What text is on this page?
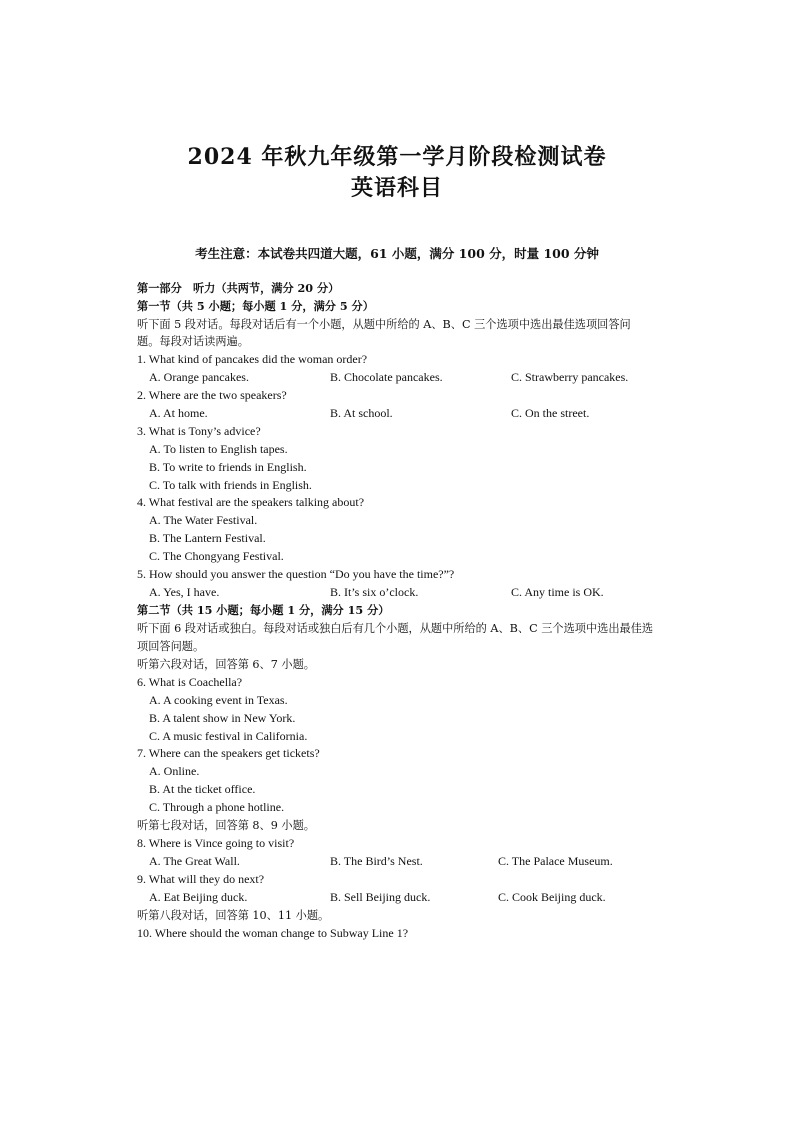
2024 年秋九年级第一学月阶段检测试卷
英语科目
考生注意：本试卷共四道大题，61 小题，满分 100 分，时量 100 分钟
第一部分　听力（共两节，满分 20 分）
第一节（共 5 小题；每小题 1 分，满分 5 分）
听下面 5 段对话。每段对话后有一个小题，从题中所给的 A、B、C 三个选项中选出最佳选项回答问
题。每段对话读两遍。
1. What kind of pancakes did the woman order?
A. Orange pancakes.	B. Chocolate pancakes.	C. Strawberry pancakes.
2. Where are the two speakers?
A. At home.	B. At school.	C. On the street.
3. What is Tony’s advice?
A. To listen to English tapes.
B. To write to friends in English.
C. To talk with friends in English.
4. What festival are the speakers talking about?
A. The Water Festival.
B. The Lantern Festival.
C. The Chongyang Festival.
5. How should you answer the question “Do you have the time?”?
A. Yes, I have.	B. It’s six o’clock.	C. Any time is OK.
第二节（共 15 小题；每小题 1 分，满分 15 分）
听下面 6 段对话或独白。每段对话或独白后有几个小题，从题中所给的 A、B、C 三个选项中选出最佳选
项回答问题。
听第六段对话，回答第 6、7 小题。
6. What is Coachella?
A. A cooking event in Texas.
B. A talent show in New York.
C. A music festival in California.
7. Where can the speakers get tickets?
A. Online.
B. At the ticket office.
C. Through a phone hotline.
听第七段对话，回答第 8、9 小题。
8. Where is Vince going to visit?
A. The Great Wall.	B. The Bird’s Nest.	C. The Palace Museum.
9. What will they do next?
A. Eat Beijing duck.	B. Sell Beijing duck.	C. Cook Beijing duck.
听第八段对话，回答第 10、11 小题。
10. Where should the woman change to Subway Line 1?
